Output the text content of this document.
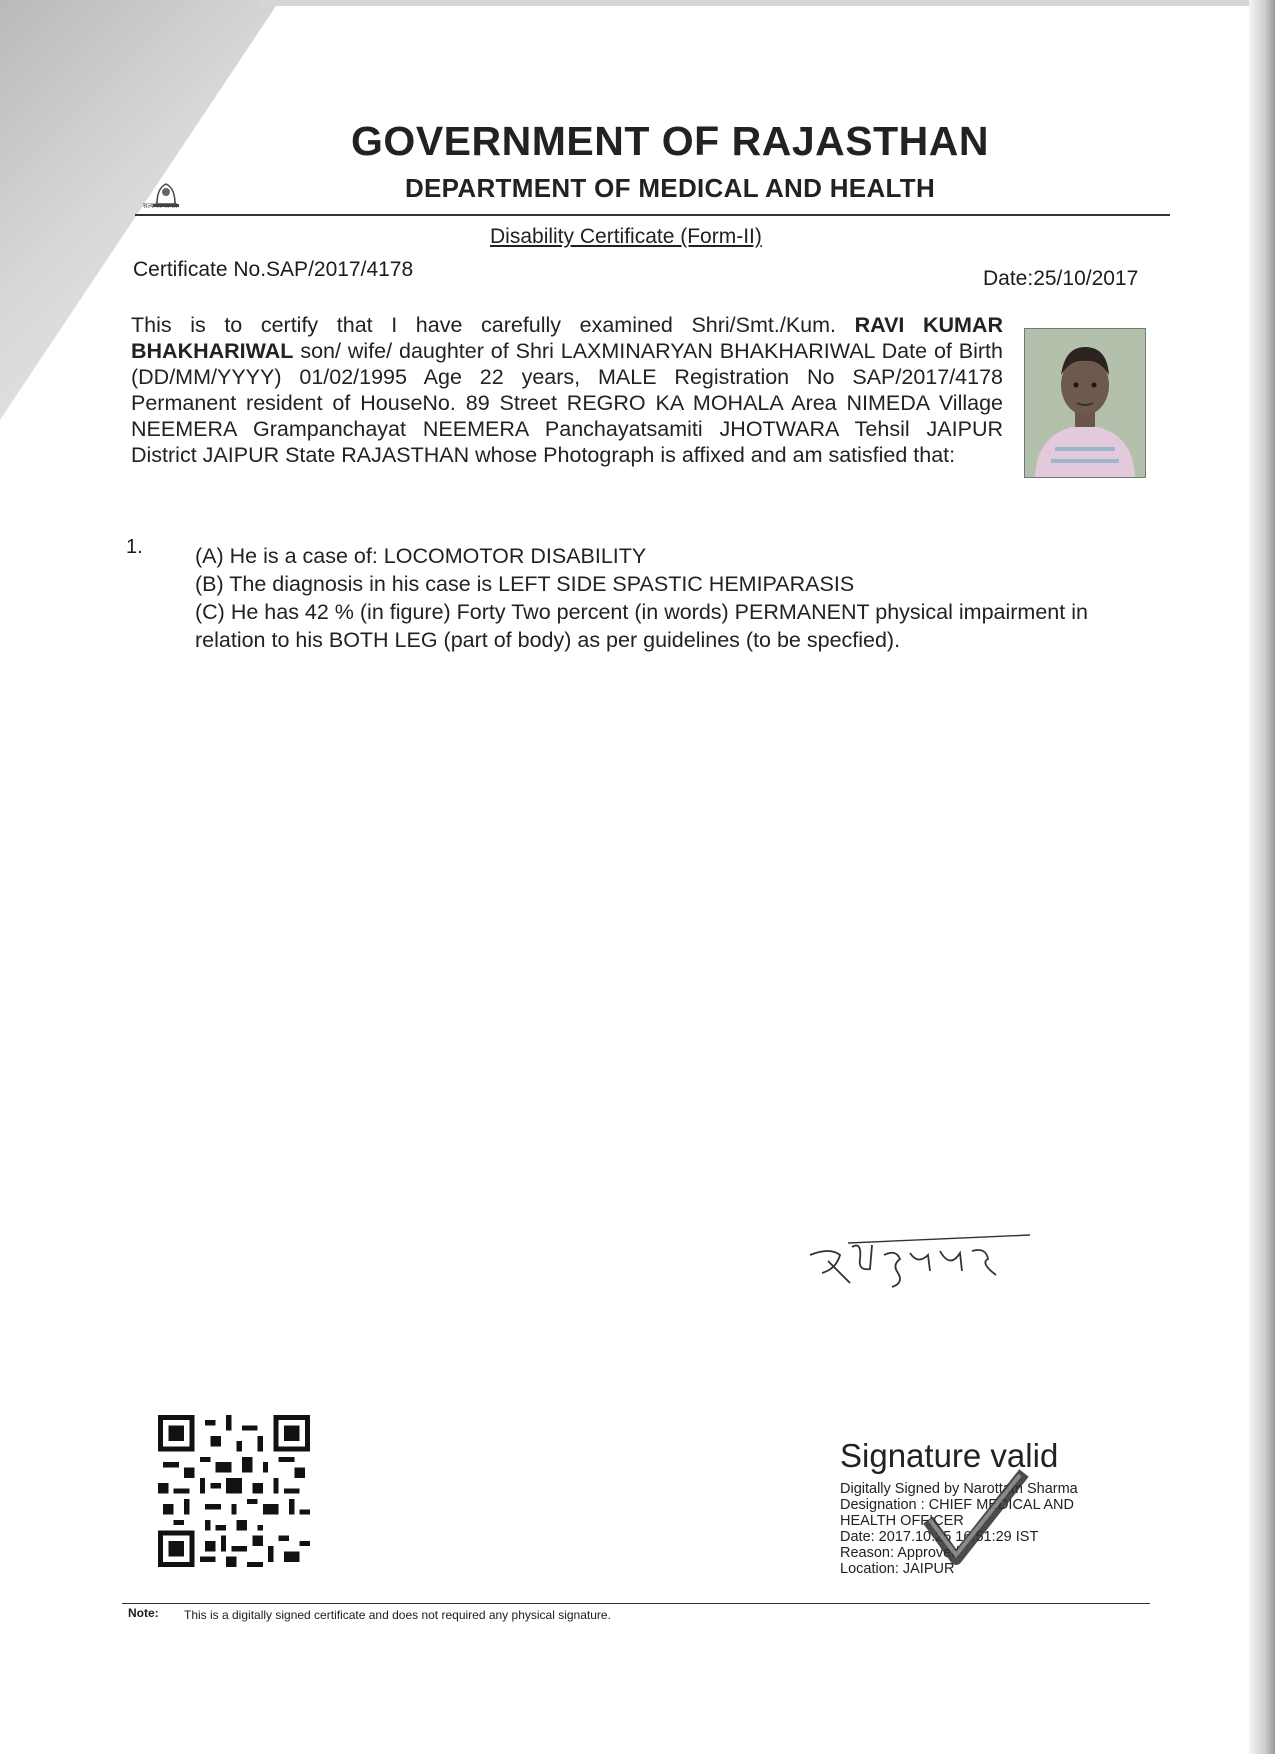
सत्यमेव जयते
GOVERNMENT OF RAJASTHAN
DEPARTMENT OF MEDICAL AND HEALTH
Disability Certificate (Form-II)
Certificate No.SAP/2017/4178	Date:25/10/2017
This is to certify that I have carefully examined Shri/Smt./Kum. RAVI KUMAR BHAKHARIWAL son/ wife/ daughter of Shri LAXMINARYAN BHAKHARIWAL Date of Birth (DD/MM/YYYY) 01/02/1995 Age 22 years, MALE Registration No SAP/2017/4178 Permanent resident of HouseNo. 89 Street REGRO KA MOHALA Area NIMEDA Village NEEMERA Grampanchayat NEEMERA Panchayatsamiti JHOTWARA Tehsil JAIPUR District JAIPUR State RAJASTHAN whose Photograph is affixed and am satisfied that:
1. (A) He is a case of: LOCOMOTOR DISABILITY
(B) The diagnosis in his case is LEFT SIDE SPASTIC HEMIPARASIS
(C) He has 42 % (in figure) Forty Two percent (in words) PERMANENT physical impairment in relation to his BOTH LEG (part of body) as per guidelines (to be specfied).
Signature valid
Digitally Signed by Narottam Sharma
Designation : CHIEF MEDICAL AND
HEALTH OFFICER
Date: 2017.10.25 16:51:29 IST
Reason: Approved
Location: JAIPUR
Note: This is a digitally signed certificate and does not required any physical signature.
